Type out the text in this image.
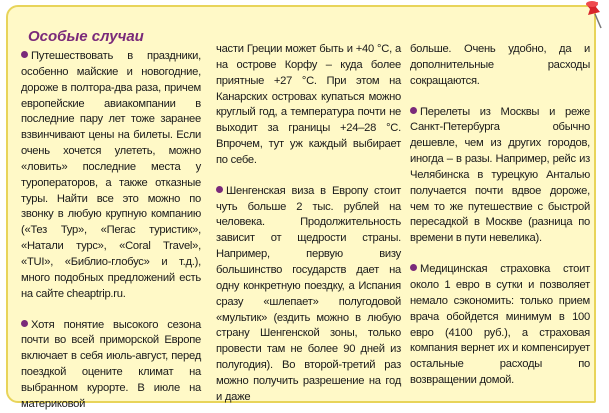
Особые случаи

Путешествовать в праздники, особенно майские и новогодние, дороже в полтора-два раза, причем европейские авиакомпании в последние пару лет тоже заранее взвинчивают цены на билеты. Если очень хочется улететь, можно «ловить» последние места у туроператоров, а также отказные туры. Найти все это можно по звонку в любую крупную компанию («Тез Тур», «Пегас туристик», «Натали турс», «Coral Travel», «TUI», «Библио-глобус» и т.д.), много подобных предложений есть на сайте cheaptrip.ru.

Хотя понятие высокого сезона почти во всей приморской Европе включает в себя июль-август, перед поездкой оцените климат на выбранном курорте. В июле на материковой

части Греции может быть и +40 °C, а на острове Корфу – куда более приятные +27 °C. При этом на Канарских островах купаться можно круглый год, а температура почти не выходит за границы +24–28 °C. Впрочем, тут уж каждый выбирает по себе.

Шенгенская виза в Европу стоит чуть больше 2 тыс. рублей на человека. Продолжительность зависит от щедрости страны. Например, первую визу большинство государств дает на одну конкретную поездку, а Испания сразу «шлепает» полугодовой «мультик» (ездить можно в любую страну Шенгенской зоны, только провести там не более 90 дней из полугодия). Во второй-третий раз можно получить разрешение на год и даже

больше. Очень удобно, да и дополнительные расходы сокращаются.

Перелеты из Москвы и реже Санкт-Петербурга обычно дешевле, чем из других городов, иногда – в разы. Например, рейс из Челябинска в турецкую Анталью получается почти вдвое дороже, чем то же путешествие с быстрой пересадкой в Москве (разница по времени в пути невелика).

Медицинская страховка стоит около 1 евро в сутки и позволяет немало сэкономить: только прием врача обойдется минимум в 100 евро (4100 руб.), а страховая компания вернет их и компенсирует остальные расходы по возвращении домой.
